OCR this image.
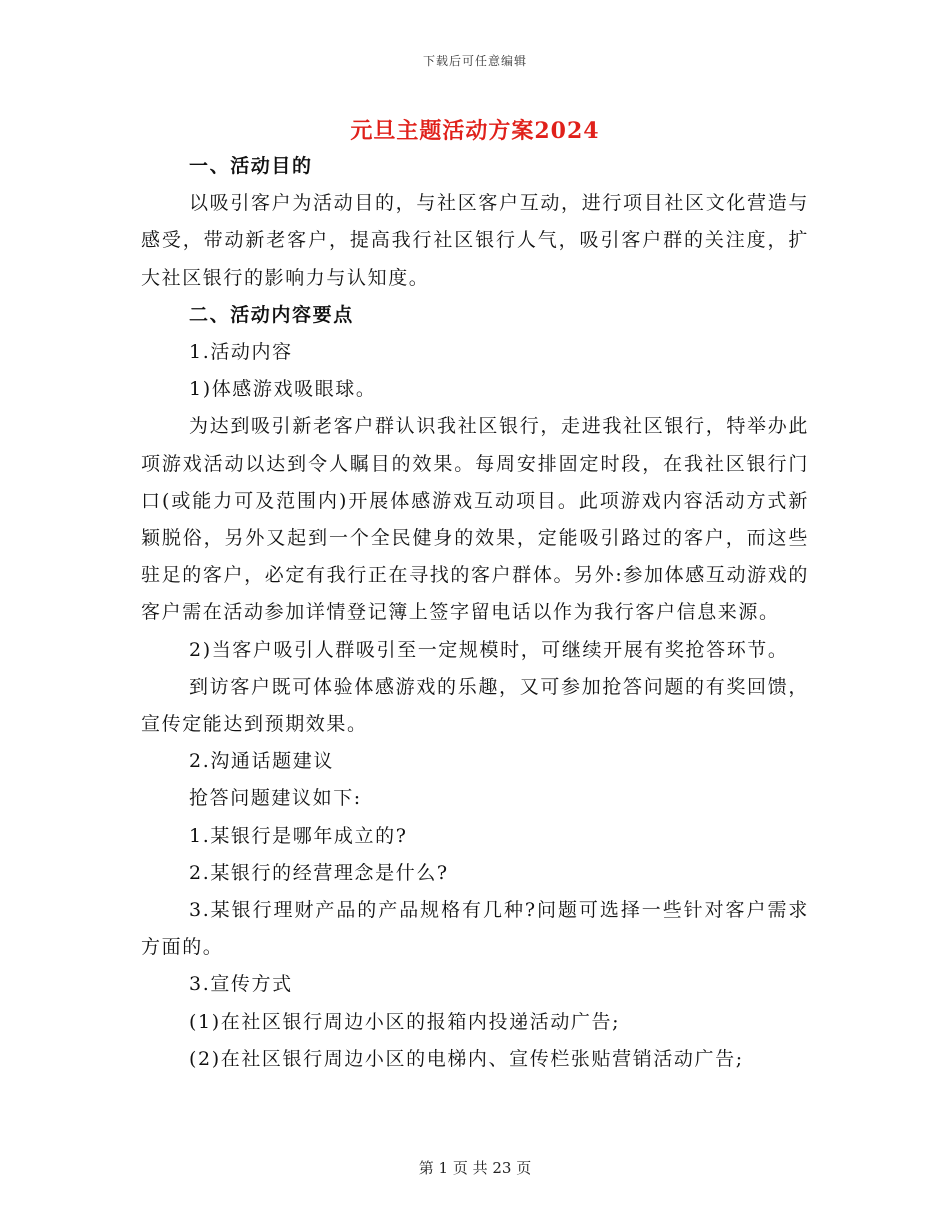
下载后可任意编辑
元旦主题活动方案2024

一、活动目的

以吸引客户为活动目的，与社区客户互动，进行项目社区文化营造与感受，带动新老客户，提高我行社区银行人气，吸引客户群的关注度，扩大社区银行的影响力与认知度。

二、活动内容要点

1.活动内容

1)体感游戏吸眼球。

为达到吸引新老客户群认识我社区银行，走进我社区银行，特举办此项游戏活动以达到令人瞩目的效果。每周安排固定时段，在我社区银行门口(或能力可及范围内)开展体感游戏互动项目。此项游戏内容活动方式新颖脱俗，另外又起到一个全民健身的效果，定能吸引路过的客户，而这些驻足的客户，必定有我行正在寻找的客户群体。另外:参加体感互动游戏的客户需在活动参加详情登记簿上签字留电话以作为我行客户信息来源。

2)当客户吸引人群吸引至一定规模时，可继续开展有奖抢答环节。

到访客户既可体验体感游戏的乐趣，又可参加抢答问题的有奖回馈，宣传定能达到预期效果。

2.沟通话题建议

抢答问题建议如下:

1.某银行是哪年成立的?

2.某银行的经营理念是什么?

3.某银行理财产品的产品规格有几种?问题可选择一些针对客户需求方面的。

3.宣传方式

(1)在社区银行周边小区的报箱内投递活动广告;

(2)在社区银行周边小区的电梯内、宣传栏张贴营销活动广告;

第 1 页 共 23 页
